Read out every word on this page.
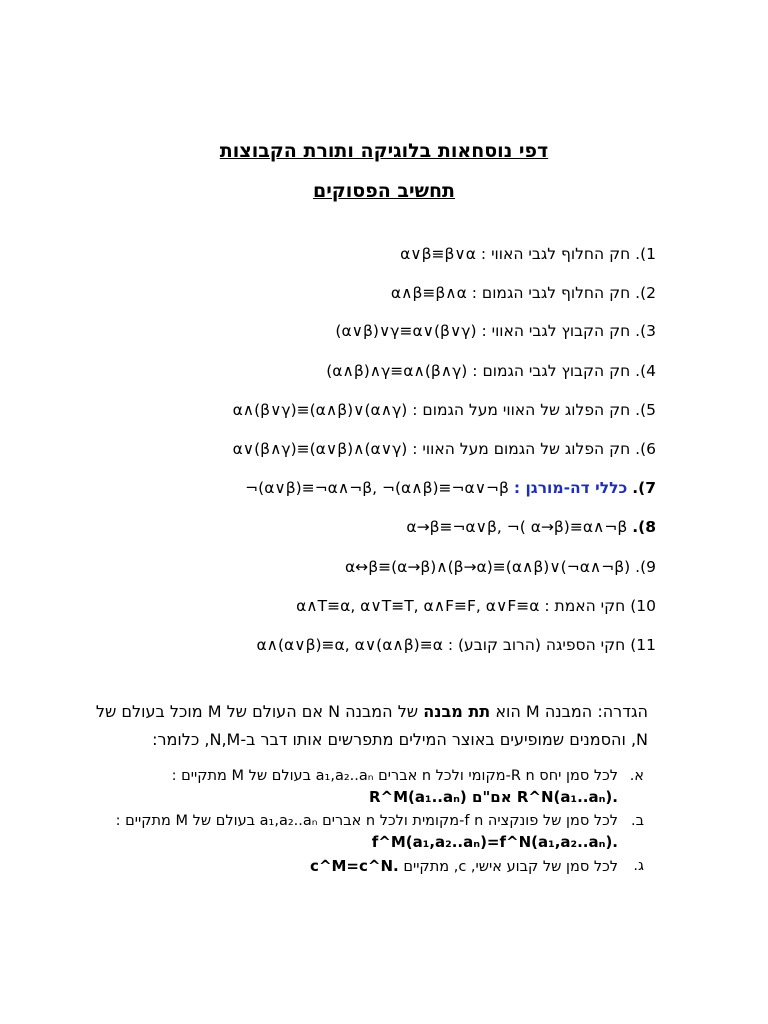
דפי נוסחאות בלוגיקה ותורת הקבוצות
תחשיב הפסוקים
1). חק החלוף לגבי האווי : α∨β≡β∨α
2). חק החלוף לגבי הגמום : α∧β≡β∧α
3). חק הקבוץ לגבי האווי : (α∨β)∨γ≡α∨(β∨γ)
4). חק הקבוץ לגבי הגמום : (α∧β)∧γ≡α∧(β∧γ)
5). חק הפלוג של האווי מעל הגמום : α∧(β∨γ)≡(α∧β)∨(α∧γ)
6). חק הפלוג של הגמום מעל האווי : α∨(β∧γ)≡(α∨β)∧(α∨γ)
7). כללי דה-מורגן : ¬(α∨β)≡¬α∧¬β, ¬(α∧β)≡¬α∨¬β
8). α→β≡¬α∨β, ¬( α→β)≡α∧¬β
9). α↔β≡(α→β)∧(β→α)≡(α∧β)∨(¬α∧¬β)
10) חקי האמת : α∧T≡α, α∨T≡T, α∧F≡F, α∨F≡α
11) חקי הספיגה (הרוב קובע) : α∧(α∨β)≡α, α∨(α∧β)≡α
הגדרה: המבנה M הוא תת מבנה של המבנה N אם העולם של M מוכל בעולם של N, והסמנים שמופיעים באוצר המילים מתפרשים אותו דבר ב-N,M, כלומר:
א.
לכל סמן יחס R n-מקומי ולכל n אברים a₁,a₂..aₙ בעולם של M מתקיים :
R^M(a₁..aₙ) אם"ם R^N(a₁..aₙ).
ב.
לכל סמן של פונקציה f n-מקומית ולכל n אברים a₁,a₂..aₙ בעולם של M מתקיים :
f^M(a₁,a₂..aₙ)=f^N(a₁,a₂..aₙ).
ג.
לכל סמן של קבוע אישי, c, מתקיים c^M=c^N.
